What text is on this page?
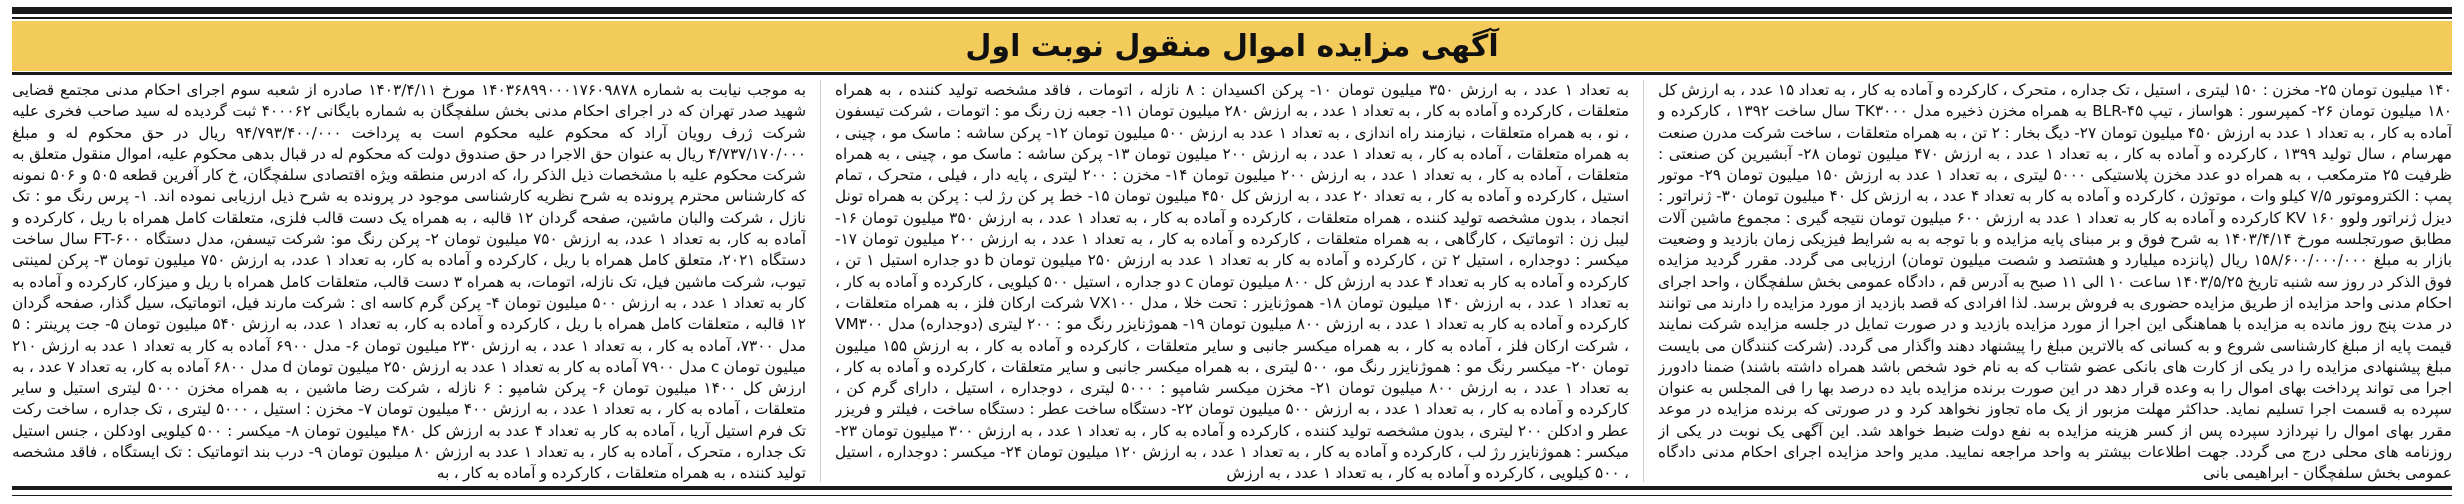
آگهی مزایده اموال منقول نوبت اول
به موجب نیابت به شماره ۱۴۰۳۶۸۹۹۰۰۰۱۷۶۰۹۸۷۸ مورخ ۱۴۰۳/۴/۱۱ صادره از شعبه سوم اجرای احکام مدنی مجتمع قضایی شهید صدر تهران که در اجرای احکام مدنی بخش سلفچگان به شماره بایگانی ۴۰۰۰۶۲ ثبت گردیده له سید صاحب فخری علیه شرکت ژرف رویان آراد که محکوم علیه محکوم است به پرداخت ۹۴/۷۹۳/۴۰۰/۰۰۰ ریال در حق محکوم له و مبلغ ۴/۷۳۷/۱۷۰/۰۰۰ ریال به عنوان حق الاجرا در حق صندوق دولت که محکوم له در قبال بدهی محکوم علیه، اموال منقول متعلق به شرکت محکوم علیه با مشخصات ذیل الذکر را، که ادرس منطقه ویژه اقتصادی سلفچگان، خ کار آفرین قطعه ۵۰۵ و ۵۰۶ نمونه که کارشناس محترم پرونده به شرح نظریه کارشناسی موجود در پرونده به شرح ذیل ارزیابی نموده اند. ۱- پرس رنگ مو : تک نازل ، شرکت والبان ماشین، صفحه گردان ۱۲ قالبه ، به همراه یک دست قالب فلزی، متعلقات کامل همراه با ریل ، کارکرده و آماده به کار، به تعداد ۱ عدد، به ارزش ۷۵۰ میلیون تومان ۲- پرکن رنگ مو: شرکت تیسفن، مدل دستگاه FT-۶۰۰ سال ساخت دستگاه ۲۰۲۱، متعلق کامل همراه با ریل ، کارکرده و آماده به کار، به تعداد ۱ عدد، به ارزش ۷۵۰ میلیون تومان ۳- پرکن لمینتی تیوب، شرکت ماشین فیل، تک نازله، اتومات، به همراه ۳ دست قالب، متعلقات کامل همراه با ریل و میزکار، کارکرده و آماده به کار به تعداد ۱ عدد ، به ارزش ۵۰۰ میلیون تومان ۴- پرکن گرم کاسه ای : شرکت مارند فیل، اتوماتیک، سیل گذار، صفحه گردان ۱۲ قالبه ، متعلقات کامل همراه با ریل ، کارکرده و آماده به کار، به تعداد ۱ عدد، به ارزش ۵۴۰ میلیون تومان ۵- جت پرینتر : ۵ مدل ۷۳۰۰، آماده به کار ، به تعداد ۱ عدد ، به ارزش ۲۳۰ میلیون تومان ۶- مدل ۶۹۰۰ آماده به کار به تعداد ۱ عدد به ارزش ۲۱۰ میلیون تومان c مدل ۷۹۰۰ آماده به کار به تعداد ۱ عدد به ارزش ۲۵۰ میلیون تومان d مدل ۶۸۰۰ آماده به کار، به تعداد ۷ عدد ، به ارزش کل ۱۴۰۰ میلیون تومان ۶- پرکن شامپو : ۶ نازله ، شرکت رضا ماشین ، به همراه مخزن ۵۰۰۰ لیتری استیل و سایر متعلقات ، آماده به کار ، به تعداد ۱ عدد ، به ارزش ۴۰۰ میلیون تومان ۷- مخزن : استیل ، ۵۰۰۰ لیتری ، تک جداره ، ساخت رکت تک فرم استیل آریا ، آماده به کار به تعداد ۴ عدد به ارزش کل ۴۸۰ میلیون تومان ۸- میکسر : ۵۰۰ کیلویی اودکلن ، جنس استیل تک جداره ، متحرک ، آماده به کار ، به تعداد ۱ عدد به ارزش ۸۰ میلیون تومان ۹- درب بند اتوماتیک : تک ایستگاه ، فاقد مشخصه تولید کننده ، به همراه متعلقات ، کارکرده و آماده به کار ، به
به تعداد ۱ عدد ، به ارزش ۳۵۰ میلیون تومان ۱۰- پرکن اکسیدان : ۸ نازله ، اتومات ، فاقد مشخصه تولید کننده ، به همراه متعلقات ، کارکرده و آماده به کار ، به تعداد ۱ عدد ، به ارزش ۲۸۰ میلیون تومان ۱۱- جعبه زن رنگ مو : اتومات ، شرکت تیسفون ، نو ، به همراه متعلقات ، نیازمند راه اندازی ، به تعداد ۱ عدد به ارزش ۵۰۰ میلیون تومان ۱۲- پرکن ساشه : ماسک مو ، چینی ، به همراه متعلقات ، آماده به کار ، به تعداد ۱ عدد ، به ارزش ۲۰۰ میلیون تومان ۱۳- پرکن ساشه : ماسک مو ، چینی ، به همراه متعلقات ، آماده به کار ، به تعداد ۱ عدد ، به ارزش ۲۰۰ میلیون تومان ۱۴- مخزن : ۲۰۰ لیتری ، پایه دار ، فیلی ، متحرک ، تمام استیل ، کارکرده و آماده به کار ، به تعداد ۲۰ عدد ، به ارزش کل ۴۵۰ میلیون تومان ۱۵- خط پر کن رژ لب : پرکن به همراه تونل انجماد ، بدون مشخصه تولید کننده ، همراه متعلقات ، کارکرده و آماده به کار ، به تعداد ۱ عدد ، به ارزش ۳۵۰ میلیون تومان ۱۶- لیبل زن : اتوماتیک ، کارگاهی ، به همراه متعلقات ، کارکرده و آماده به کار ، به تعداد ۱ عدد ، به ارزش ۲۰۰ میلیون تومان ۱۷- میکسر : دوجداره ، استیل ۲ تن ، کارکرده و آماده به کار به تعداد ۱ عدد به ارزش ۲۵۰ میلیون تومان b دو جداره استیل ۱ تن ، کارکرده و آماده به کار به تعداد ۴ عدد به ارزش کل ۸۰۰ میلیون تومان c دو جداره ، استیل ۵۰۰ کیلویی ، کارکرده و آماده به کار ، به تعداد ۱ عدد ، به ارزش ۱۴۰ میلیون تومان ۱۸- هموژنایزر : تحت خلا ، مدل VX۱۰۰ شرکت ارکان فلز ، به همراه متعلقات ، کارکرده و آماده به کار به تعداد ۱ عدد ، به ارزش ۸۰۰ میلیون تومان ۱۹- هموژنایزر رنگ مو : ۲۰۰ لیتری (دوجداره) مدل VM۳۰۰ ، شرکت ارکان فلز ، آماده به کار ، به همراه میکسر جانبی و سایر متعلقات ، کارکرده و آماده به کار ، به ارزش ۱۵۵ میلیون تومان ۲۰- میکسر رنگ مو : هموژنایزر رنگ مو، ۵۰۰ لیتری ، به همراه میکسر جانبی و سایر متعلقات ، کارکرده و آماده به کار ، به تعداد ۱ عدد ، به ارزش ۸۰۰ میلیون تومان ۲۱- مخزن میکسر شامپو : ۵۰۰۰ لیتری ، دوجداره ، استیل ، دارای گرم کن ، کارکرده و آماده به کار ، به تعداد ۱ عدد ، به ارزش ۵۰۰ میلیون تومان ۲۲- دستگاه ساخت عطر : دستگاه ساخت ، فیلتر و فریزر عطر و ادکلن ۲۰۰ لیتری ، بدون مشخصه تولید کننده ، کارکرده و آماده به کار ، به تعداد ۱ عدد ، به ارزش ۳۰۰ میلیون تومان ۲۳- میکسر : هموژنایزر رژ لب ، کارکرده و آماده به کار ، به تعداد ۱ عدد ، به ارزش ۱۲۰ میلیون تومان ۲۴- میکسر : دوجداره ، استیل ، ۵۰۰ کیلویی ، کارکرده و آماده به کار ، به تعداد ۱ عدد ، به ارزش
۱۴۰ میلیون تومان ۲۵- مخزن : ۱۵۰ لیتری ، استیل ، تک جداره ، متحرک ، کارکرده و آماده به کار ، به تعداد ۱۵ عدد ، به ارزش کل ۱۸۰ میلیون تومان ۲۶- کمپرسور : هواساز ، تیپ BLR-۴۵ به همراه مخزن ذخیره مدل TK۳۰۰۰ سال ساخت ۱۳۹۲ ، کارکرده و آماده به کار ، به تعداد ۱ عدد به ارزش ۴۵۰ میلیون تومان ۲۷- دیگ بخار : ۲ تن ، به همراه متعلقات ، ساخت شرکت مدرن صنعت مهرسام ، سال تولید ۱۳۹۹ ، کارکرده و آماده به کار ، به تعداد ۱ عدد ، به ارزش ۴۷۰ میلیون تومان ۲۸- آبشیرین کن صنعتی : ظرفیت ۲۵ مترمکعب ، به همراه دو عدد مخزن پلاستیکی ۵۰۰۰ لیتری ، به تعداد ۱ عدد به ارزش ۱۵۰ میلیون تومان ۲۹- موتور پمپ : الکتروموتور ۷/۵ کیلو وات ، موتوژن ، کارکرده و آماده به کار به تعداد ۴ عدد ، به ارزش کل ۴۰ میلیون تومان ۳۰- ژنراتور : دیزل ژنراتور ولوو ۱۶۰ KV کارکرده و آماده به کار به تعداد ۱ عدد به ارزش ۶۰۰ میلیون تومان نتیجه گیری : مجموع ماشین آلات مطابق صورتجلسه مورخ ۱۴۰۳/۴/۱۴ به شرح فوق و بر مبنای پایه مزایده و با توجه به به شرایط فیزیکی زمان بازدید و وضعیت بازار به مبلغ ۱۵۸/۶۰۰/۰۰۰/۰۰۰ ریال (پانزده میلیارد و هشتصد و شصت میلیون تومان) ارزیابی می گردد. مقرر گردید مزایده فوق الذکر در روز سه شنبه تاریخ ۱۴۰۳/۵/۲۵ ساعت ۱۰ الی ۱۱ صبح به آدرس قم ، دادگاه عمومی بخش سلفچگان ، واحد اجرای احکام مدنی واحد مزایده از طریق مزایده حضوری به فروش برسد. لذا افرادی که قصد بازدید از مورد مزایده را دارند می توانند در مدت پنج روز مانده به مزایده با هماهنگی این اجرا از مورد مزایده بازدید و در صورت تمایل در جلسه مزایده شرکت نمایند قیمت پایه از مبلغ کارشناسی شروع و به کسانی که بالاترین مبلغ را پیشنهاد دهند واگذار می گردد. (شرکت کنندگان می بایست مبلغ پیشنهادی مزایده را در یکی از کارت های بانکی عضو شتاب که به نام خود شخص باشد همراه داشته باشند) ضمنا دادورز اجرا می تواند پرداخت بهای اموال را به وعده قرار دهد در این صورت برنده مزایده باید ده درصد بها را فی المجلس به عنوان سپرده به قسمت اجرا تسلیم نماید. حداکثر مهلت مزبور از یک ماه تجاوز نخواهد کرد و در صورتی که برنده مزایده در موعد مقرر بهای اموال را نپردازد سپرده پس از کسر هزینه مزایده به نفع دولت ضبط خواهد شد. این آگهی یک نوبت در یکی از روزنامه های محلی درج می گردد. جهت اطلاعات بیشتر به واحد مراجعه نمایید. مدیر واحد مزایده اجرای احکام مدنی دادگاه عمومی بخش سلفچگان - ابراهیمی بانی
